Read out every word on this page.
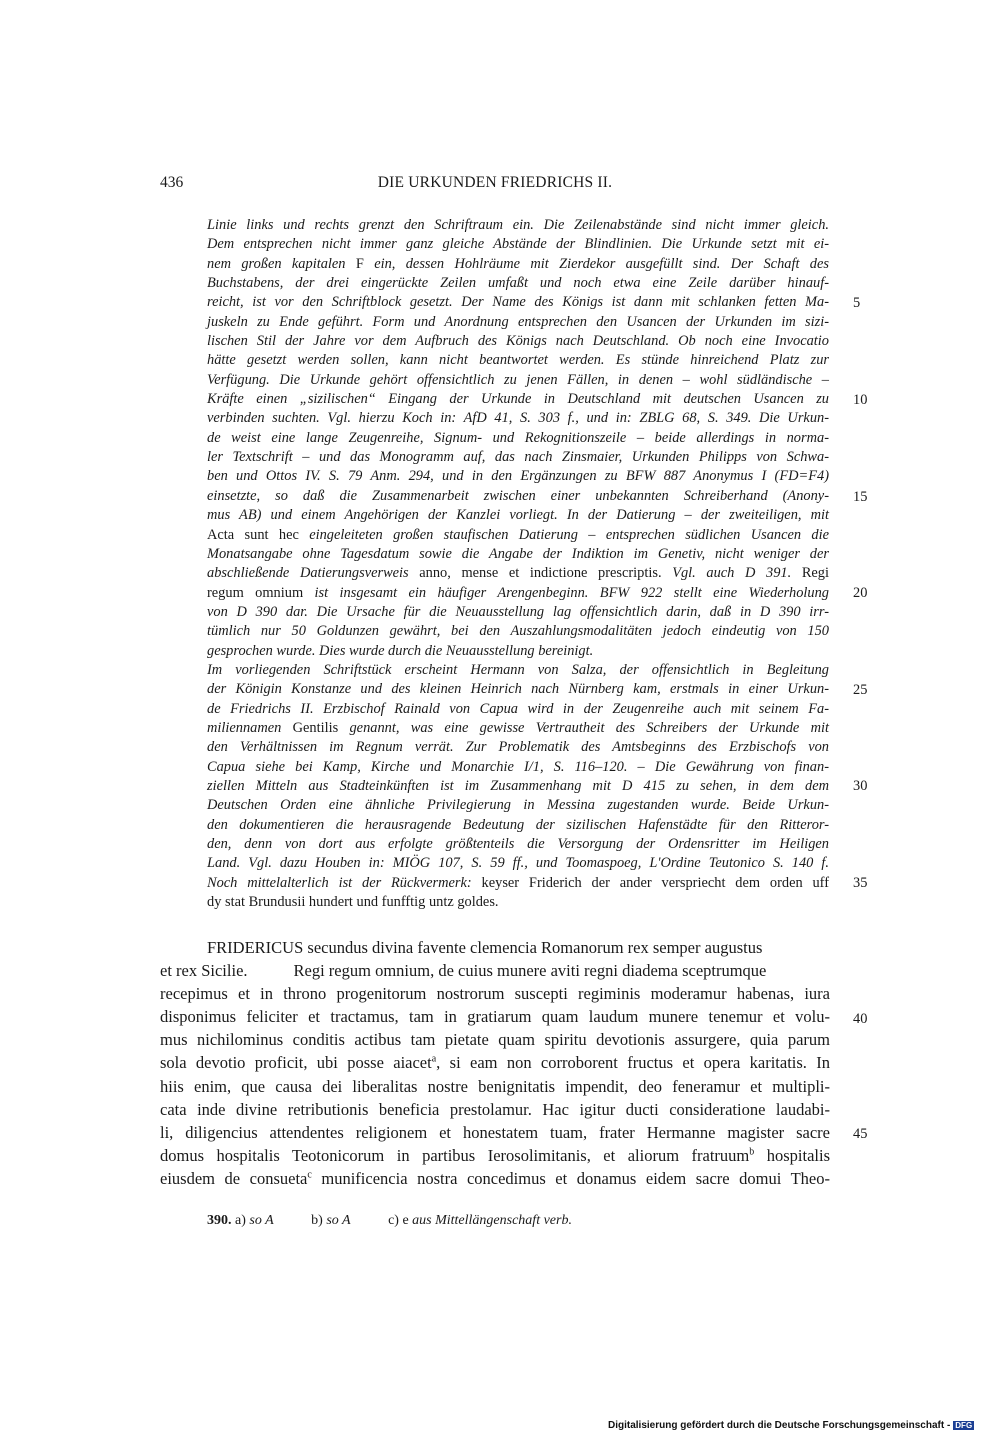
436	DIE URKUNDEN FRIEDRICHS II.
Linie links und rechts grenzt den Schriftraum ein. Die Zeilenabstände sind nicht immer gleich.
Dem entsprechen nicht immer ganz gleiche Abstände der Blindlinien. Die Urkunde setzt mit ei-
nem großen kapitalen F ein, dessen Hohlräume mit Zierdekor ausgefüllt sind. Der Schaft des
Buchstabens, der drei eingerückte Zeilen umfaßt und noch etwa eine Zeile darüber hinauf-
reicht, ist vor den Schriftblock gesetzt. Der Name des Königs ist dann mit schlanken fetten Ma-
juskeln zu Ende geführt. Form und Anordnung entsprechen den Usancen der Urkunden im sizi-
lischen Stil der Jahre vor dem Aufbruch des Königs nach Deutschland. Ob noch eine Invocatio
hätte gesetzt werden sollen, kann nicht beantwortet werden. Es stünde hinreichend Platz zur
Verfügung. Die Urkunde gehört offensichtlich zu jenen Fällen, in denen – wohl südländische –
Kräfte einen „sizilischen“ Eingang der Urkunde in Deutschland mit deutschen Usancen zu
verbinden suchten. Vgl. hierzu Koch in: AfD 41, S. 303 f., und in: ZBLG 68, S. 349. Die Urkun-
de weist eine lange Zeugenreihe, Signum- und Rekognitionszeile – beide allerdings in norma-
ler Textschrift – und das Monogramm auf, das nach Zinsmaier, Urkunden Philipps von Schwa-
ben und Ottos IV. S. 79 Anm. 294, und in den Ergänzungen zu BFW 887 Anonymus I (FD=F4)
einsetzte, so daß die Zusammenarbeit zwischen einer unbekannten Schreiberhand (Anony-
mus AB) und einem Angehörigen der Kanzlei vorliegt. In der Datierung – der zweiteiligen, mit
Acta sunt hec eingeleiteten großen staufischen Datierung – entsprechen südlichen Usancen die
Monatsangabe ohne Tagesdatum sowie die Angabe der Indiktion im Genetiv, nicht weniger der
abschließende Datierungsverweis anno, mense et indictione prescriptis. Vgl. auch D 391. Regi
regum omnium ist insgesamt ein häufiger Arengenbeginn. BFW 922 stellt eine Wiederholung
von D 390 dar. Die Ursache für die Neuausstellung lag offensichtlich darin, daß in D 390 irr-
tümlich nur 50 Goldunzen gewährt, bei den Auszahlungsmodalitäten jedoch eindeutig von 150
gesprochen wurde. Dies wurde durch die Neuausstellung bereinigt.
Im vorliegenden Schriftstück erscheint Hermann von Salza, der offensichtlich in Begleitung
der Königin Konstanze und des kleinen Heinrich nach Nürnberg kam, erstmals in einer Urkun-
de Friedrichs II. Erzbischof Rainald von Capua wird in der Zeugenreihe auch mit seinem Fa-
miliennamen Gentilis genannt, was eine gewisse Vertrautheit des Schreibers der Urkunde mit
den Verhältnissen im Regnum verrät. Zur Problematik des Amtsbeginns des Erzbischofs von
Capua siehe bei Kamp, Kirche und Monarchie I/1, S. 116–120. – Die Gewährung von finan-
ziellen Mitteln aus Stadteinkünften ist im Zusammenhang mit D 415 zu sehen, in dem dem
Deutschen Orden eine ähnliche Privilegierung in Messina zugestanden wurde. Beide Urkun-
den dokumentieren die herausragende Bedeutung der sizilischen Hafenstädte für den Ritteror-
den, denn von dort aus erfolgte größtenteils die Versorgung der Ordensritter im Heiligen
Land. Vgl. dazu Houben in: MIÖG 107, S. 59 ff., und Toomaspoeg, L'Ordine Teutonico S. 140 f.
Noch mittelalterlich ist der Rückvermerk: keyser Friderich der ander verspriecht dem orden uff
dy stat Brundusii hundert und funfftig untz goldes.
FRIDERICUS secundus divina favente clemencia Romanorum rex semper augustus
et rex Sicilie.	Regi regum omnium, de cuius munere aviti regni diadema sceptrumque
recepimus et in throno progenitorum nostrorum suscepti regiminis moderamur habenas, iura
disponimus feliciter et tractamus, tam in gratiarum quam laudum munere tenemur et volu-
mus nichilominus conditis actibus tam pietate quam spiritu devotionis assurgere, quia parum
sola devotio proficit, ubi posse aiacet$^a$, si eam non corroborent fructus et opera karitatis. In
hiis enim, que causa dei liberalitas nostre benignitatis impendit, deo feneramur et multipli-
cata inde divine retributionis beneficia prestolamur. Hac igitur ducti consideratione laudabi-
li, diligencius attendentes religionem et honestatem tuam, frater Hermanne magister sacre
domus hospitalis Teotonicorum in partibus Ierosolimitanis, et aliorum fratruum$^b$ hospitalis
eiusdem de consueta$^c$ munificencia nostra concedimus et donamus eidem sacre domui Theo-
5
10
15
20
25
30
35
40
45
390. a) so A	b) so A	c) e aus Mittellängenschaft verb.
Digitalisierung gefördert durch die Deutsche Forschungsgemeinschaft - DFG
